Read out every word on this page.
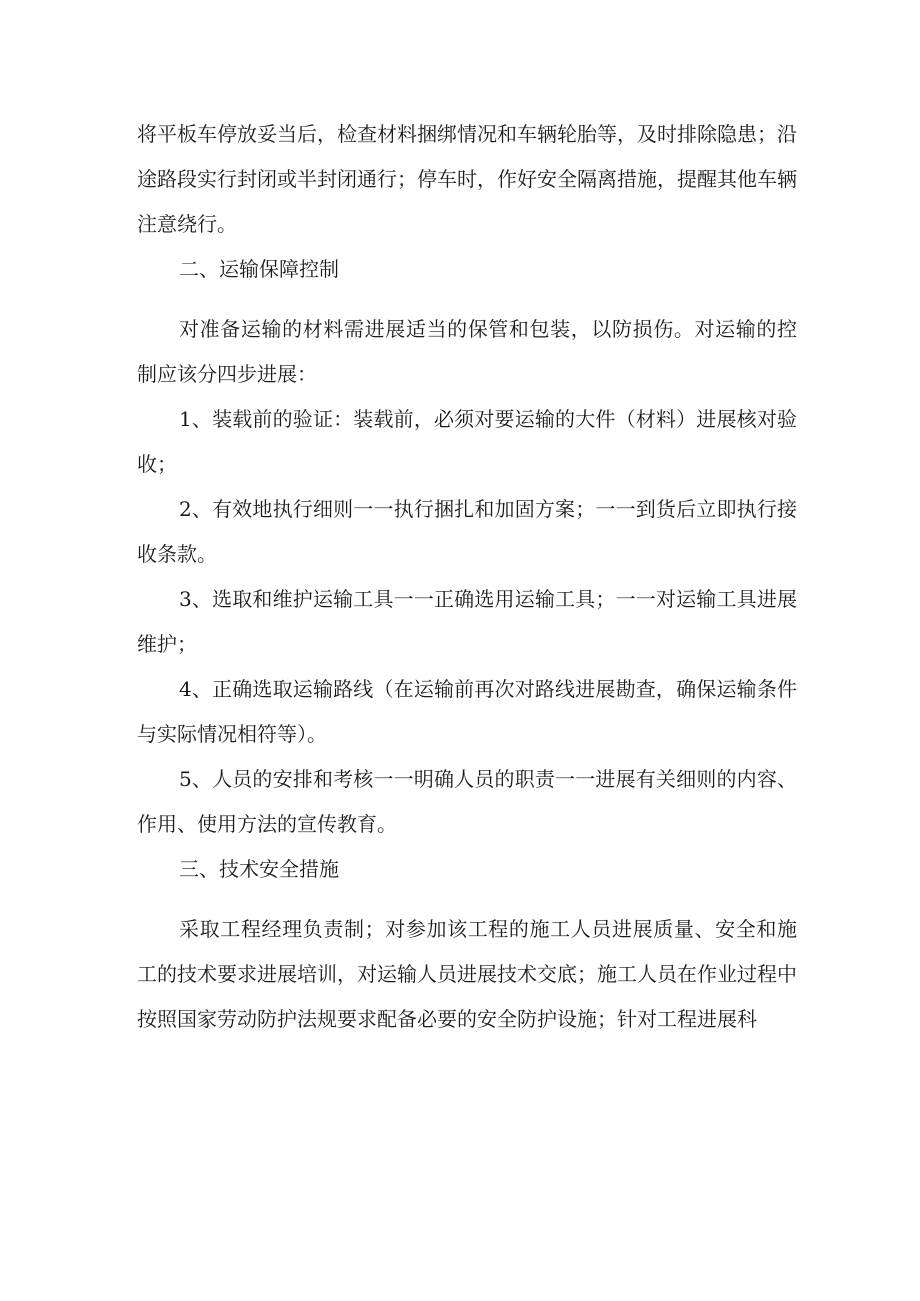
将平板车停放妥当后，检查材料捆绑情况和车辆轮胎等，及时排除隐患；沿途路段实行封闭或半封闭通行；停车时，作好安全隔离措施，提醒其他车辆注意绕行。

二、运输保障控制

对准备运输的材料需进展适当的保管和包装，以防损伤。对运输的控制应该分四步进展：

1、装载前的验证：装载前，必须对要运输的大件（材料）进展核对验收；

2、有效地执行细则一一执行捆扎和加固方案；一一到货后立即执行接收条款。

3、选取和维护运输工具一一正确选用运输工具；一一对运输工具进展维护；

4、正确选取运输路线（在运输前再次对路线进展勘查，确保运输条件与实际情况相符等）。

5、人员的安排和考核一一明确人员的职责一一进展有关细则的内容、作用、使用方法的宣传教育。

三、技术安全措施

采取工程经理负责制；对参加该工程的施工人员进展质量、安全和施工的技术要求进展培训，对运输人员进展技术交底；施工人员在作业过程中按照国家劳动防护法规要求配备必要的安全防护设施；针对工程进展科
